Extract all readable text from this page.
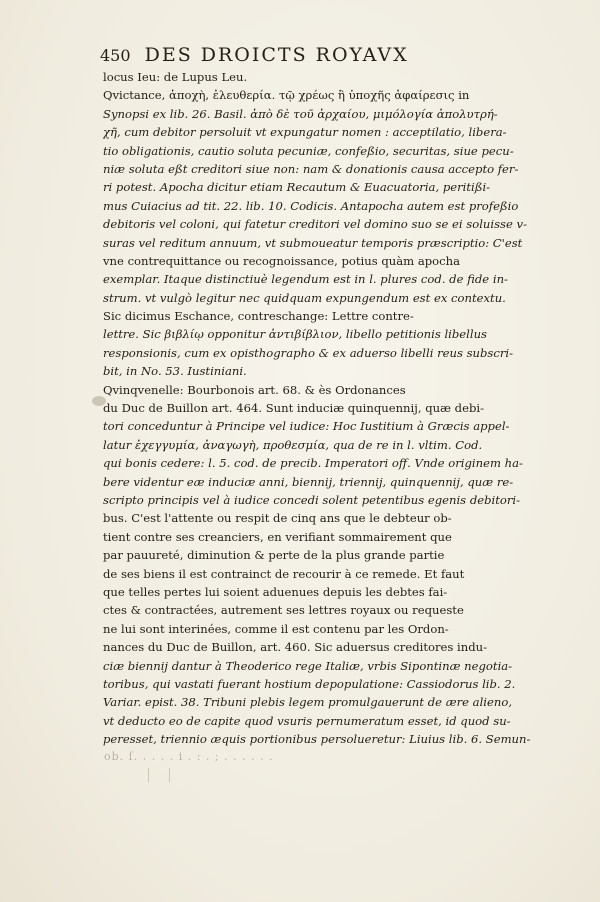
450 DES DROICTS ROYAVX
locus Ieu: de Lupus Leu.
Qvictance, ἀποχὴ, ἐλευθερία. τῷ χρέως ἢ ὑποχῆς ἀφαίρεσις in
Synopsi ex lib. 26. Basil. ἀπὸ δὲ τοῦ ἀρχαίου, μιμόλογία ἀπολυτρή-
χῆ, cum debitor persoluit vt expungatur nomen : acceptilatio, libera-
tio obligationis, cautio soluta pecuniæ, confeßio, securitas, siue pecu-
niæ soluta eßt creditori siue non: nam & donationis causa accepto fer-
ri potest. Apocha dicitur etiam Recautum & Euacuatoria, peritißi-
mus Cuiacius ad tit. 22. lib. 10. Codicis. Antapocha autem est profeßio
debitoris vel coloni, qui fatetur creditori vel domino suo se ei soluisse v-
suras vel reditum annuum, vt submoueatur temporis præscriptio: C'est
vne contrequittance ou recognoissance, potius quàm apocha
exemplar. Itaque distinctiuè legendum est in l. plures cod. de fide in-
strum. vt vulgò legitur nec quidquam expungendum est ex contextu.
Sic dicimus Eschance, contreschange: Lettre contre-
lettre. Sic βιβλίῳ opponitur ἀντιβίβλιον, libello petitionis libellus
responsionis, cum ex opisthographo & ex aduerso libelli reus subscri-
bit, in No. 53. Iustiniani.
Qvinqvenelle: Bourbonois art. 68. & ès Ordonances
du Duc de Buillon art. 464. Sunt induciæ quinquennij, quæ debi-
tori conceduntur à Principe vel iudice: Hoc Iustitium à Græcis appel-
latur ἐχεγγυμία, ἀναγωγὴ, προθεσμία, qua de re in l. vltim. Cod.
qui bonis cedere: l. 5. cod. de precib. Imperatori off. Vnde originem ha-
bere videntur eæ induciæ anni, biennij, triennij, quinquennij, quæ re-
scripto principis vel à iudice concedi solent petentibus egenis debitori-
bus. C'est l'attente ou respit de cinq ans que le debteur ob-
tient contre ses creanciers, en verifiant sommairement que
par pauureté, diminution & perte de la plus grande partie
de ses biens il est contrainct de recourir à ce remede. Et faut
que telles pertes lui soient aduenues depuis les debtes fai-
ctes & contractées, autrement ses lettres royaux ou requeste
ne lui sont interinées, comme il est contenu par les Ordon-
nances du Duc de Buillon, art. 460. Sic aduersus creditores indu-
ciæ biennij dantur à Theoderico rege Italiæ, vrbis Sipontinæ negotia-
toribus, qui vastati fuerant hostium depopulatione: Cassiodorus lib. 2.
Variar. epist. 38. Tribuni plebis legem promulgauerunt de ære alieno,
vt deducto eo de capite quod vsuris pernumeratum esset, id quod su-
peresset, triennio æquis portionibus persolueretur: Liuius lib. 6. Semun-
ob. ſ. . . . . i . : . ; . . . . . .
